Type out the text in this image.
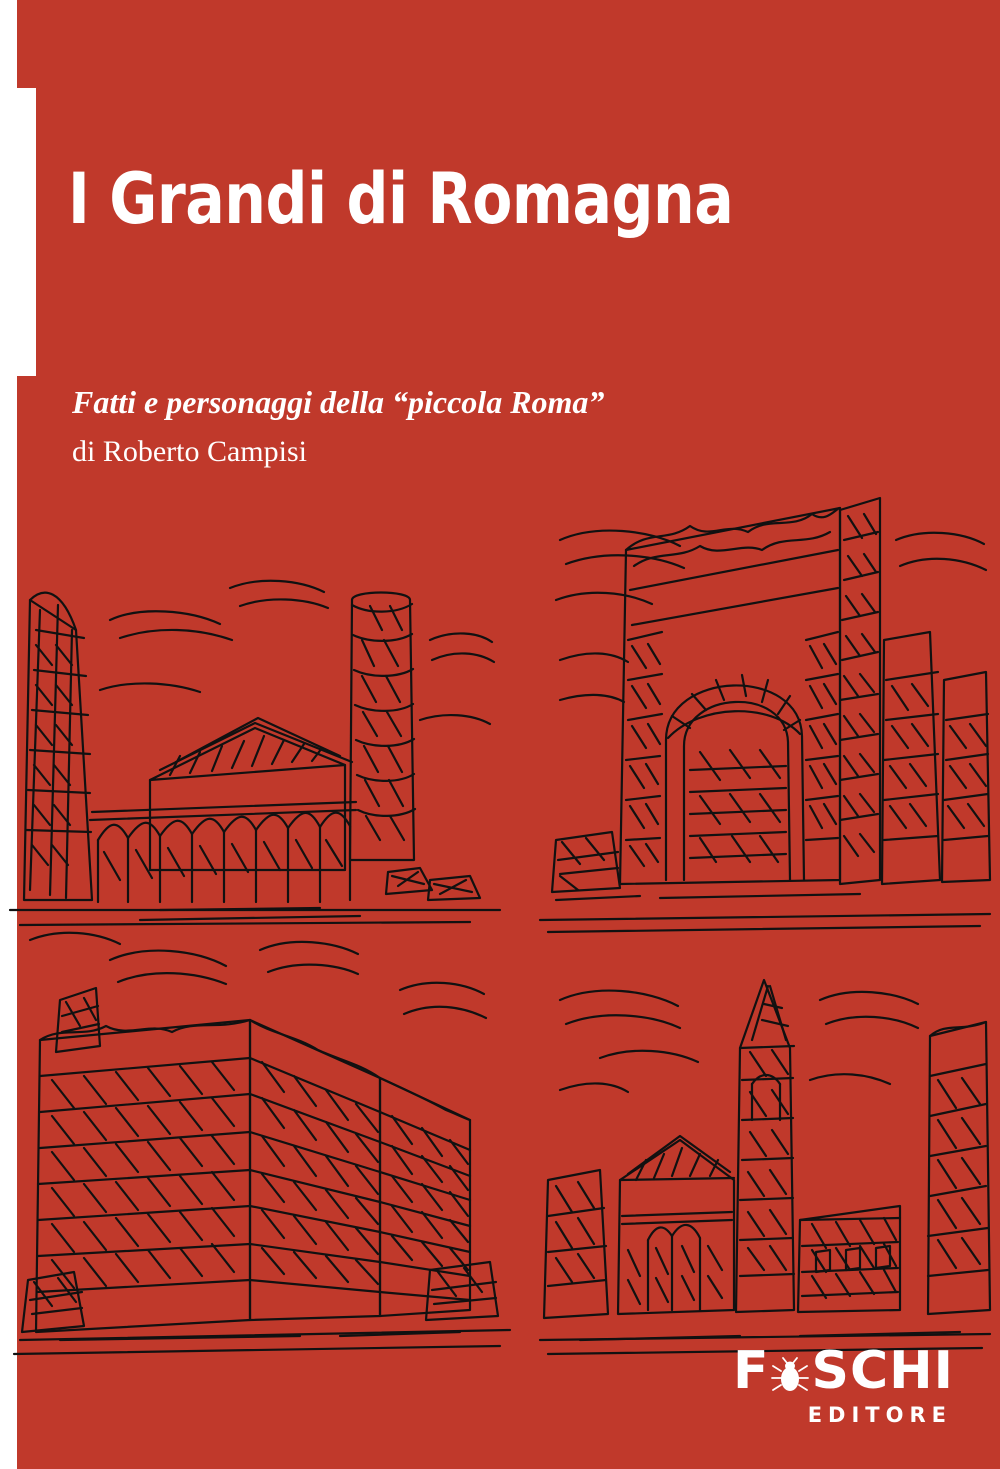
I Grandi di Romagna
Fatti e personaggi della “piccola Roma”
di Roberto Campisi
F SCHI
EDITORE
